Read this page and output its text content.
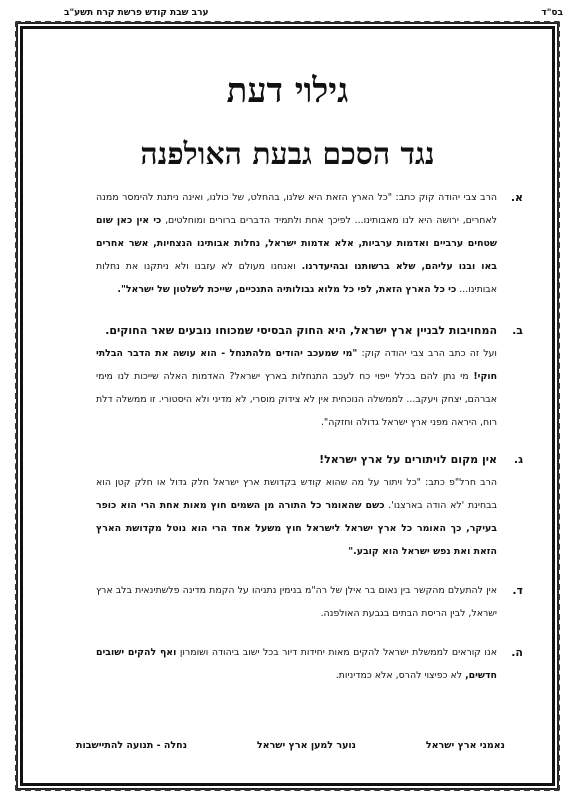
בס"ד
ערב שבת קודש פרשת קרח תשע"ב
גילוי דעת
נגד הסכם גבעת האולפנה
א.
הרב צבי יהודה קוק כתב: "כל הארץ הזאת היא שלנו, בהחלט, של כולנו, ואינה ניתנת להימסר ממנה לאחרים, ירושה היא לנו מאבותינו... לפיכך אחת ולתמיד הדברים ברורים ומוחלטים, כי אין כאן שום שטחים ערביים ואדמות ערביות, אלא אדמות ישראל, נחלות אבותינו הנצחיות, אשר אחרים באו ובנו עליהם, שלא ברשותנו ובהיעדרנו. ואנחנו מעולם לא עזבנו ולא ניתקנו את נחלות אבותינו... כי כל הארץ הזאת, לפי כל מלוא גבולותיה התנכיים, שייכת לשלטון של ישראל".
ב.
המחויבות לבניין ארץ ישראל, היא החוק הבסיסי שמכוחו נובעים שאר החוקים.
ועל זה כתב הרב צבי יהודה קוק: "מי שמעכב יהודים מלהתנחל - הוא עושה את הדבר הבלתי חוקי! מי נתן להם בכלל ייפוי כח לעכב התנחלות בארץ ישראל? האדמות האלה שייכות לנו מימי אברהם, יצחק ויעקב... לממשלה הנוכחית אין לא צידוק מוסרי, לא מדיני ולא היסטורי. זו ממשלה דלת רוח, היראה מפני ארץ ישראל גדולה וחזקה".
ג.
אין מקום לויתורים על ארץ ישראל!
הרב חרל"פ כתב: "כל ויתור על מה שהוא קודש בקדושת ארץ ישראל חלק גדול או חלק קטן הוא בבחינת 'לא הודה בארצנו'. כשם שהאומר כל התורה מן השמים חוץ מאות אחת הרי הוא כופר בעיקר, כך האומר כל ארץ ישראל לישראל חוץ משעל אחד הרי הוא נוטל מקדושת הארץ הזאת ואת נפש ישראל הוא קובע."
ד.
אין להתעלם מהקשר בין נאום בר אילן של רה"מ בנימין נתניהו על הקמת מדינה פלשתינאית בלב ארץ ישראל, לבין הריסת הבתים בגבעת האולפנה.
ה.
אנו קוראים לממשלת ישראל להקים מאות יחידות דיור בכל ישוב ביהודה ושומרון ואף להקים ישובים חדשים, לא כפיצוי להרס, אלא כמדיניות.
נאמני ארץ ישראל
נוער למען ארץ ישראל
נחלה - תנועה להתיישבות
